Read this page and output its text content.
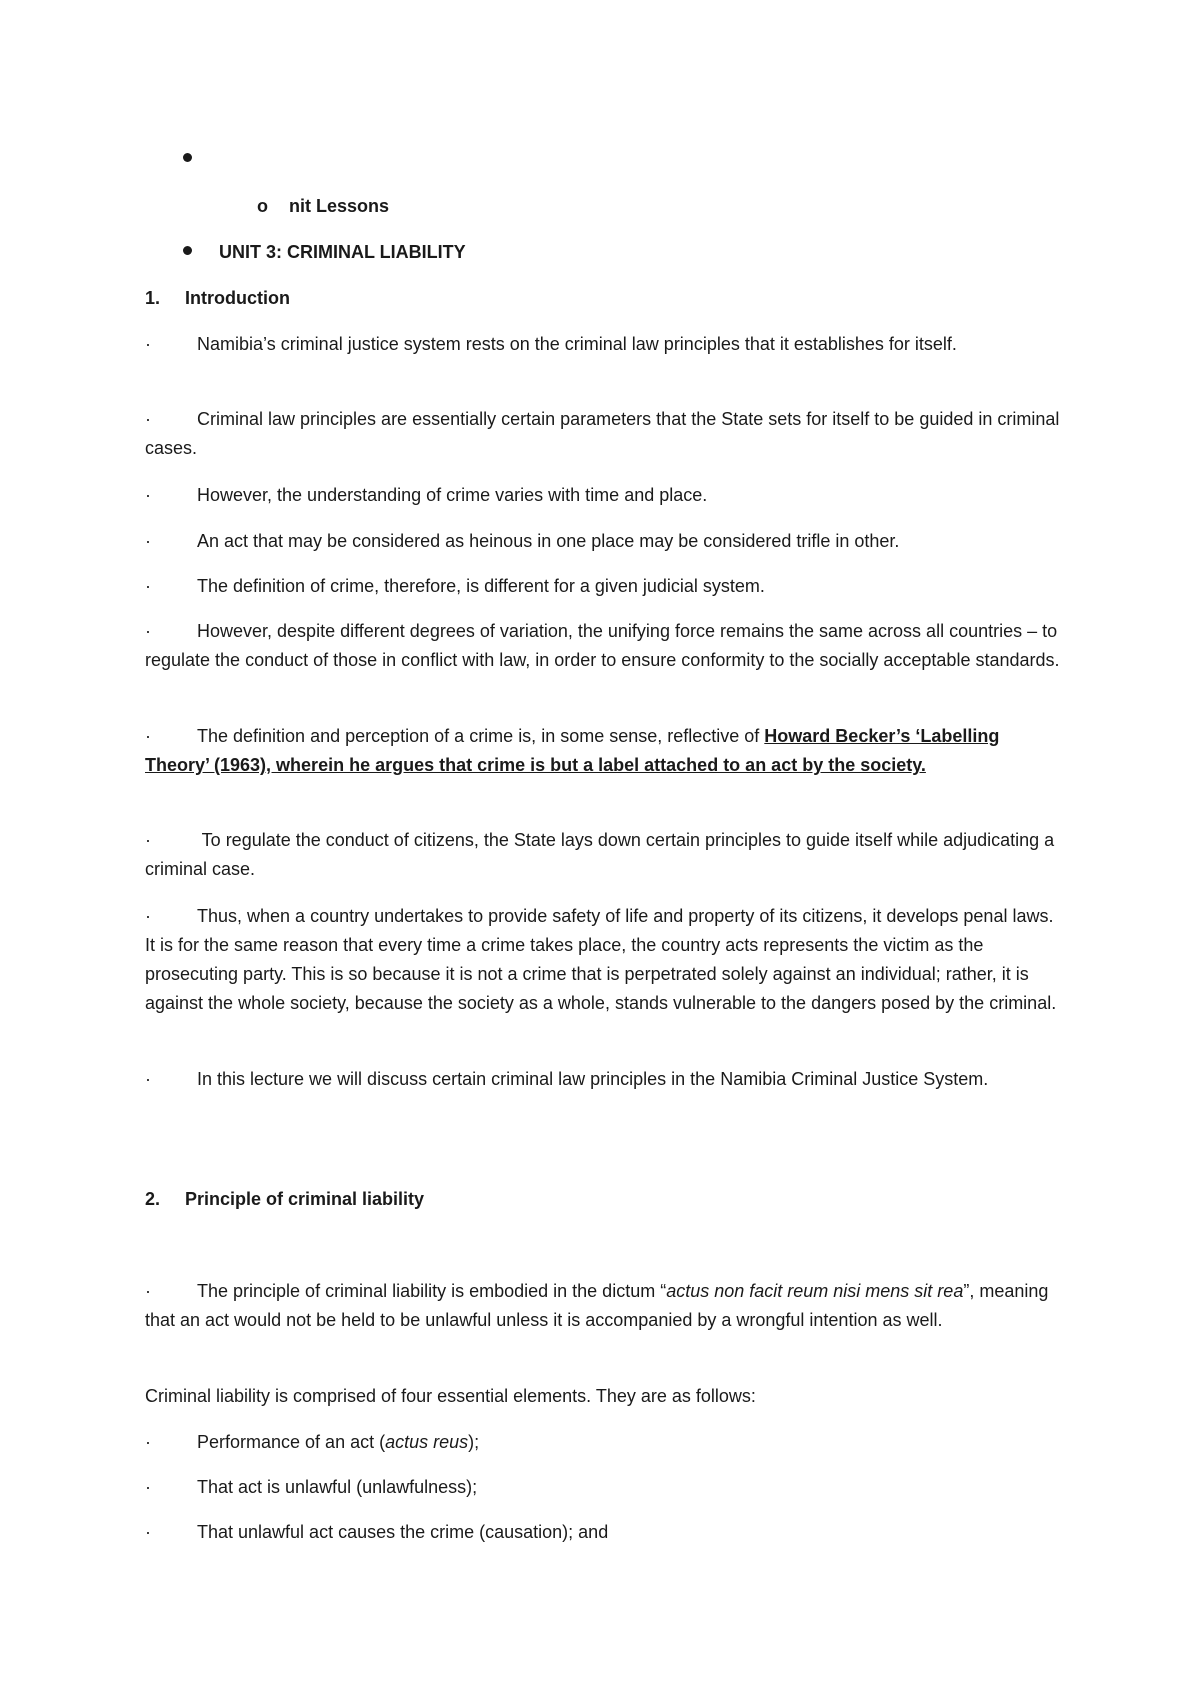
o nit Lessons
UNIT 3: CRIMINAL LIABILITY
1. Introduction
·	Namibia’s criminal justice system rests on the criminal law principles that it establishes for itself.
·	Criminal law principles are essentially certain parameters that the State sets for itself to be guided in criminal cases.
·	However, the understanding of crime varies with time and place.
·	An act that may be considered as heinous in one place may be considered trifle in other.
·	The definition of crime, therefore, is different for a given judicial system.
·	However, despite different degrees of variation, the unifying force remains the same across all countries – to regulate the conduct of those in conflict with law, in order to ensure conformity to the socially acceptable standards.
·	The definition and perception of a crime is, in some sense, reflective of Howard Becker’s ‘Labelling Theory’ (1963), wherein he argues that crime is but a label attached to an act by the society.
·	To regulate the conduct of citizens, the State lays down certain principles to guide itself while adjudicating a criminal case.
·	Thus, when a country undertakes to provide safety of life and property of its citizens, it develops penal laws. It is for the same reason that every time a crime takes place, the country acts represents the victim as the prosecuting party. This is so because it is not a crime that is perpetrated solely against an individual; rather, it is against the whole society, because the society as a whole, stands vulnerable to the dangers posed by the criminal.
·	In this lecture we will discuss certain criminal law principles in the Namibia Criminal Justice System.
2. Principle of criminal liability
·	The principle of criminal liability is embodied in the dictum “actus non facit reum nisi mens sit rea”, meaning that an act would not be held to be unlawful unless it is accompanied by a wrongful intention as well.
Criminal liability is comprised of four essential elements. They are as follows:
·	Performance of an act (actus reus);
·	That act is unlawful (unlawfulness);
·	That unlawful act causes the crime (causation); and
